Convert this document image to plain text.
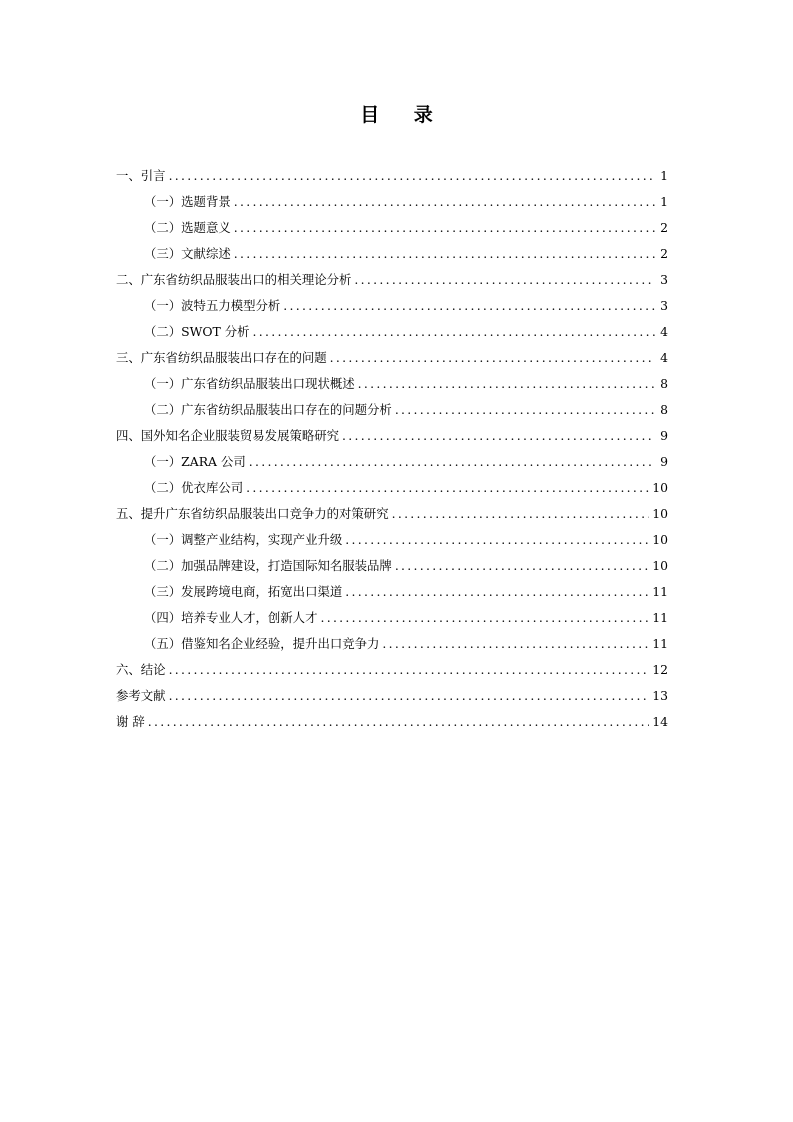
目 录
一、引言 .....	1
（一）选题背景 .....	1
（二）选题意义 .....	2
（三）文献综述 .....	2
二、广东省纺织品服装出口的相关理论分析 .....	3
（一）波特五力模型分析 .....	3
（二）SWOT 分析 .....	4
三、广东省纺织品服装出口存在的问题 .....	4
（一）广东省纺织品服装出口现状概述 .....	8
（二）广东省纺织品服装出口存在的问题分析 .....	8
四、国外知名企业服装贸易发展策略研究 .....	9
（一）ZARA 公司 .....	9
（二）优衣库公司 .....	10
五、提升广东省纺织品服装出口竞争力的对策研究 .....	10
（一）调整产业结构，实现产业升级 .....	10
（二）加强品牌建设，打造国际知名服装品牌 .....	10
（三）发展跨境电商，拓宽出口渠道 .....	11
（四）培养专业人才，创新人才 .....	11
（五）借鉴知名企业经验，提升出口竞争力 .....	11
六、结论 .....	12
参考文献 .....	13
谢 辞 .....	14
